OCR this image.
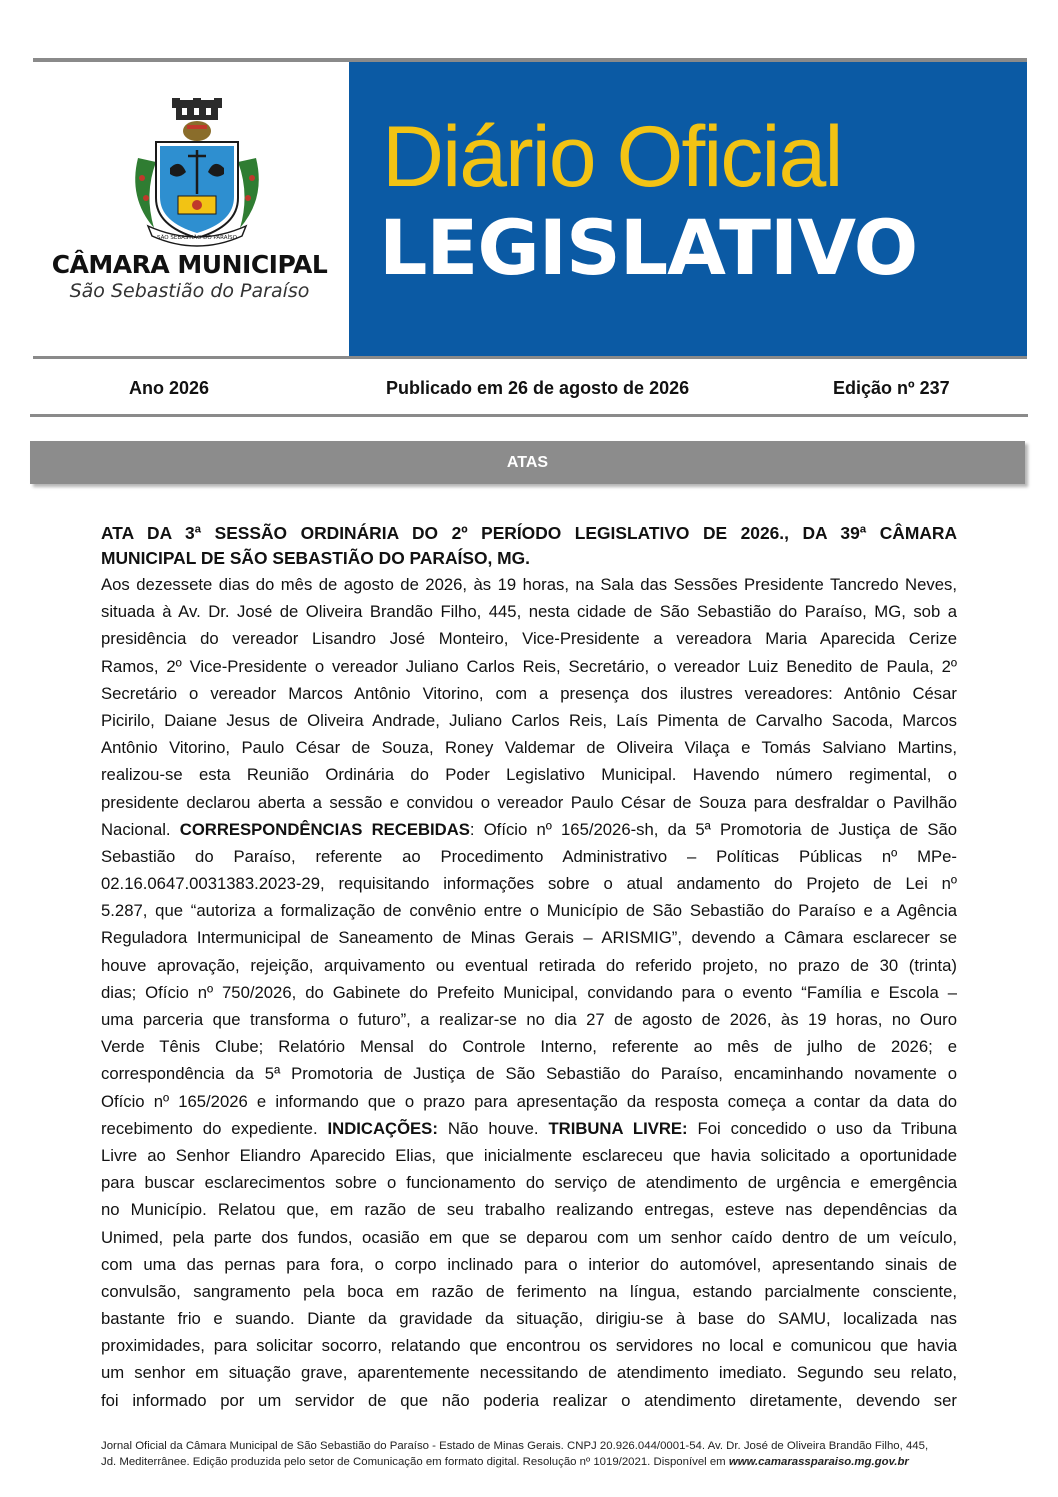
SÃO SEBASTIÃO DO PARAÍSO
CÂMARA MUNICIPAL
São Sebastião do Paraíso
Diário Oficial
LEGISLATIVO
Ano 2026	Publicado em 26 de agosto de 2026	Edição nº 237
ATAS
ATA DA 3ª SESSÃO ORDINÁRIA DO 2º PERÍODO LEGISLATIVO DE 2026., DA 39ª CÂMARA
MUNICIPAL DE SÃO SEBASTIÃO DO PARAÍSO, MG.
Aos dezessete dias do mês de agosto de 2026, às 19 horas, na Sala das Sessões Presidente Tancredo Neves,
situada à Av. Dr. José de Oliveira Brandão Filho, 445, nesta cidade de São Sebastião do Paraíso, MG, sob a
presidência do vereador Lisandro José Monteiro, Vice-Presidente a vereadora Maria Aparecida Cerize
Ramos, 2º Vice-Presidente o vereador Juliano Carlos Reis, Secretário, o vereador Luiz Benedito de Paula, 2º
Secretário o vereador Marcos Antônio Vitorino, com a presença dos ilustres vereadores: Antônio César
Picirilo, Daiane Jesus de Oliveira Andrade, Juliano Carlos Reis, Laís Pimenta de Carvalho Sacoda, Marcos
Antônio Vitorino, Paulo César de Souza, Roney Valdemar de Oliveira Vilaça e Tomás Salviano Martins,
realizou-se esta Reunião Ordinária do Poder Legislativo Municipal. Havendo número regimental, o
presidente declarou aberta a sessão e convidou o vereador Paulo César de Souza para desfraldar o Pavilhão
Nacional. CORRESPONDÊNCIAS RECEBIDAS: Ofício nº 165/2026-sh, da 5ª Promotoria de Justiça de São
Sebastião do Paraíso, referente ao Procedimento Administrativo – Políticas Públicas nº MPe-
02.16.0647.0031383.2023-29, requisitando informações sobre o atual andamento do Projeto de Lei nº
5.287, que “autoriza a formalização de convênio entre o Município de São Sebastião do Paraíso e a Agência
Reguladora Intermunicipal de Saneamento de Minas Gerais – ARISMIG”, devendo a Câmara esclarecer se
houve aprovação, rejeição, arquivamento ou eventual retirada do referido projeto, no prazo de 30 (trinta)
dias; Ofício nº 750/2026, do Gabinete do Prefeito Municipal, convidando para o evento “Família e Escola –
uma parceria que transforma o futuro”, a realizar-se no dia 27 de agosto de 2026, às 19 horas, no Ouro
Verde Tênis Clube; Relatório Mensal do Controle Interno, referente ao mês de julho de 2026; e
correspondência da 5ª Promotoria de Justiça de São Sebastião do Paraíso, encaminhando novamente o
Ofício nº 165/2026 e informando que o prazo para apresentação da resposta começa a contar da data do
recebimento do expediente. INDICAÇÕES: Não houve. TRIBUNA LIVRE: Foi concedido o uso da Tribuna
Livre ao Senhor Eliandro Aparecido Elias, que inicialmente esclareceu que havia solicitado a oportunidade
para buscar esclarecimentos sobre o funcionamento do serviço de atendimento de urgência e emergência
no Município. Relatou que, em razão de seu trabalho realizando entregas, esteve nas dependências da
Unimed, pela parte dos fundos, ocasião em que se deparou com um senhor caído dentro de um veículo,
com uma das pernas para fora, o corpo inclinado para o interior do automóvel, apresentando sinais de
convulsão, sangramento pela boca em razão de ferimento na língua, estando parcialmente consciente,
bastante frio e suando. Diante da gravidade da situação, dirigiu-se à base do SAMU, localizada nas
proximidades, para solicitar socorro, relatando que encontrou os servidores no local e comunicou que havia
um senhor em situação grave, aparentemente necessitando de atendimento imediato. Segundo seu relato,
foi informado por um servidor de que não poderia realizar o atendimento diretamente, devendo ser
Jornal Oficial da Câmara Municipal de São Sebastião do Paraíso - Estado de Minas Gerais. CNPJ 20.926.044/0001-54. Av. Dr. José de Oliveira Brandão Filho, 445,
Jd. Mediterrânee. Edição produzida pelo setor de Comunicação em formato digital. Resolução nº 1019/2021. Disponível em www.camarassparaiso.mg.gov.br
